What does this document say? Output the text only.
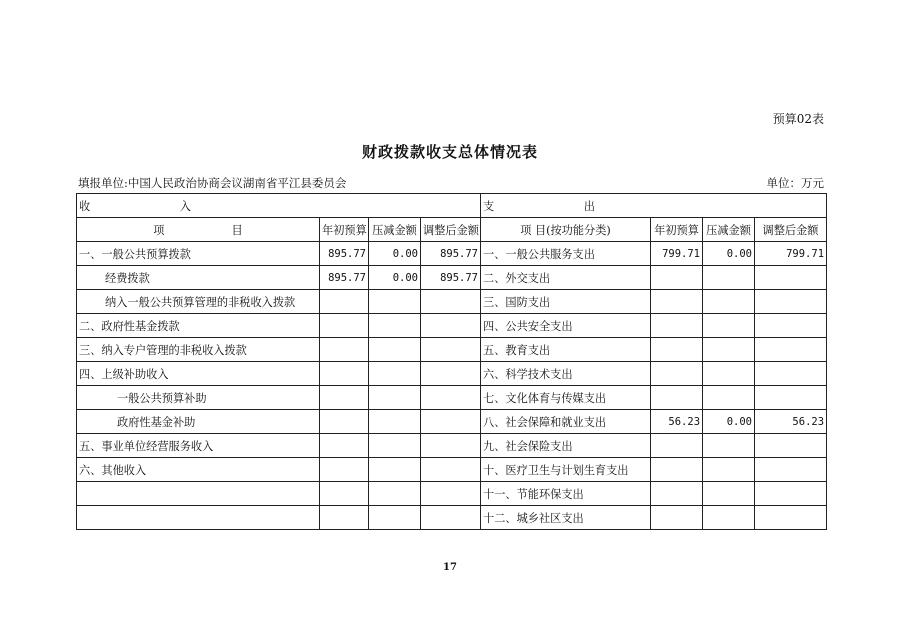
预算02表
财政拨款收支总体情况表
填报单位:中国人民政治协商会议湖南省平江县委员会	单位：万元
收　　　　　　　　入				支　　　　　　　　出			
项　　　　　　目	年初预算	压减金额	调整后金额	项 目(按功能分类)	年初预算	压减金额	调整后金额
一、一般公共预算拨款	895.77	0.00	895.77	一、一般公共服务支出	799.71	0.00	799.71
经费拨款	895.77	0.00	895.77	二、外交支出			
纳入一般公共预算管理的非税收入拨款				三、国防支出			
二、政府性基金拨款				四、公共安全支出			
三、纳入专户管理的非税收入拨款				五、教育支出			
四、上级补助收入				六、科学技术支出			
一般公共预算补助				七、文化体育与传媒支出			
政府性基金补助				八、社会保障和就业支出	56.23	0.00	56.23
五、事业单位经营服务收入				九、社会保险支出			
六、其他收入				十、医疗卫生与计划生育支出			
				十一、节能环保支出			
				十二、城乡社区支出			
17
